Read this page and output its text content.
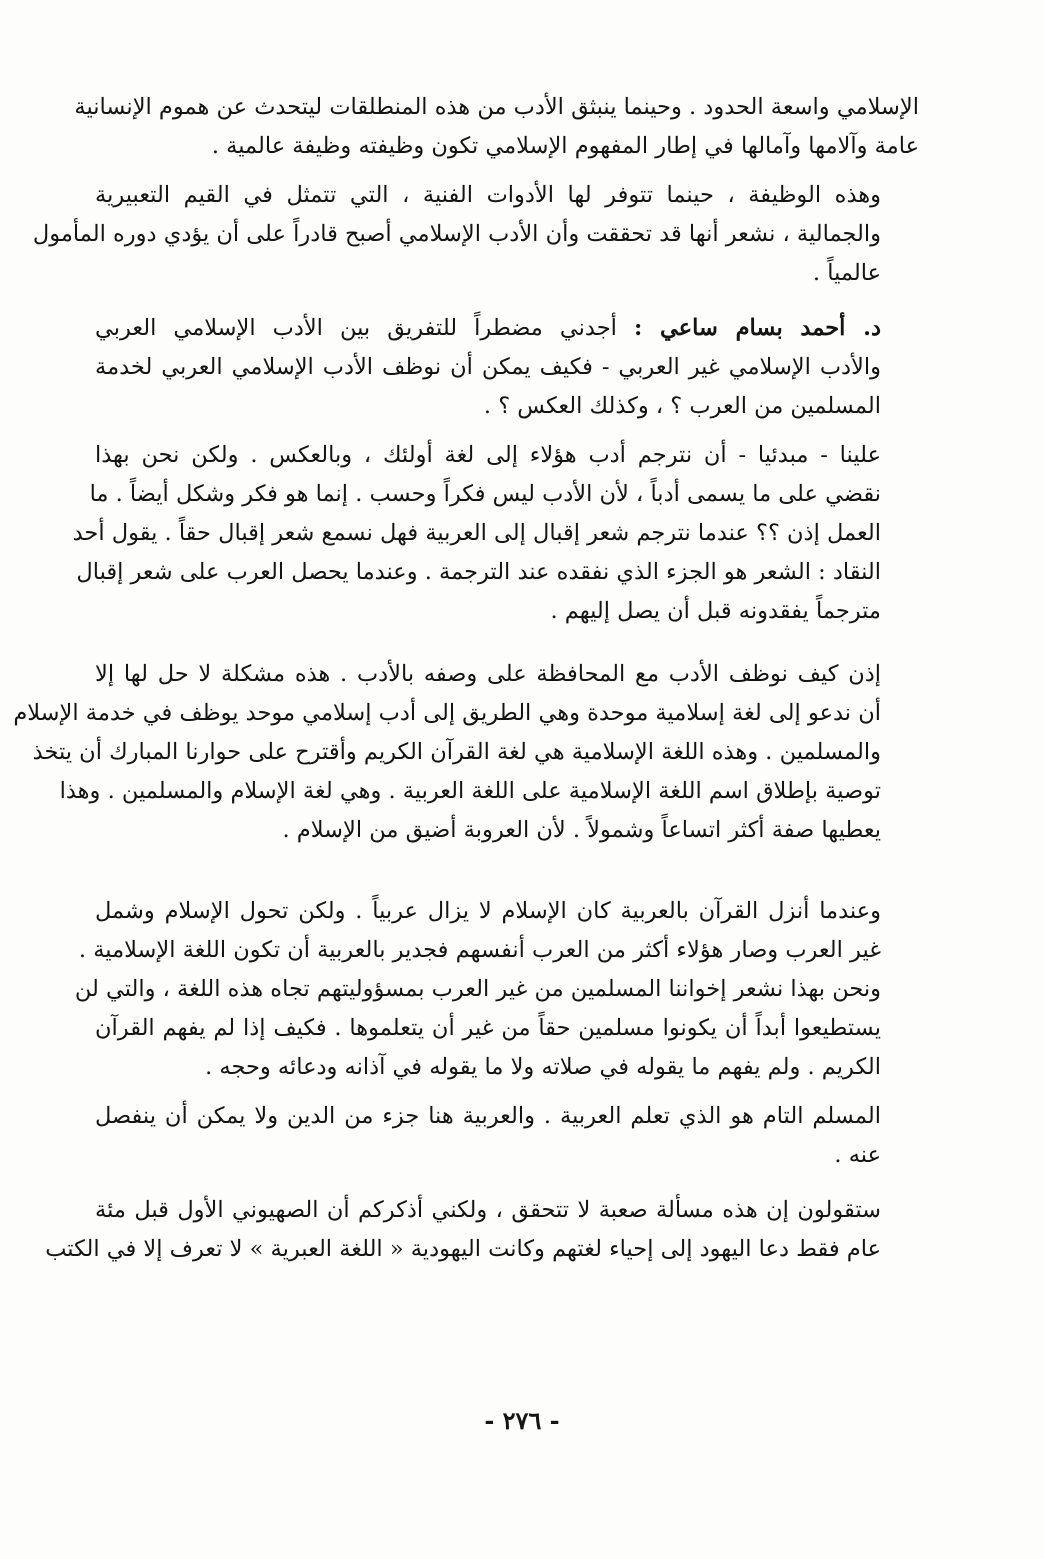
الإسلامي واسعة الحدود . وحينما ينبثق الأدب من هذه المنطلقات ليتحدث عن هموم الإنسانية
عامة وآلامها وآمالها في إطار المفهوم الإسلامي تكون وظيفته وظيفة عالمية .

وهذه الوظيفة ، حينما تتوفر لها الأدوات الفنية ، التي تتمثل في القيم التعبيرية
والجمالية ، نشعر أنها قد تحققت وأن الأدب الإسلامي أصبح قادراً على أن يؤدي دوره المأمول
عالمياً .

د. أحمد بسام ساعي : أجدني مضطراً للتفريق بين الأدب الإسلامي العربي
والأدب الإسلامي غير العربي - فكيف يمكن أن نوظف الأدب الإسلامي العربي لخدمة
المسلمين من العرب ؟ ، وكذلك العكس ؟ .

علينا - مبدئيا - أن نترجم أدب هؤلاء إلى لغة أولئك ، وبالعكس . ولكن نحن بهذا
نقضي على ما يسمى أدباً ، لأن الأدب ليس فكراً وحسب . إنما هو فكر وشكل أيضاً . ما
العمل إذن ؟؟ عندما نترجم شعر إقبال إلى العربية فهل نسمع شعر إقبال حقاً . يقول أحد
النقاد : الشعر هو الجزء الذي نفقده عند الترجمة . وعندما يحصل العرب على شعر إقبال
مترجماً يفقدونه قبل أن يصل إليهم .

إذن كيف نوظف الأدب مع المحافظة على وصفه بالأدب . هذه مشكلة لا حل لها إلا
أن ندعو إلى لغة إسلامية موحدة وهي الطريق إلى أدب إسلامي موحد يوظف في خدمة الإسلام
والمسلمين . وهذه اللغة الإسلامية هي لغة القرآن الكريم وأقترح على حوارنا المبارك أن يتخذ
توصية بإطلاق اسم اللغة الإسلامية على اللغة العربية . وهي لغة الإسلام والمسلمين . وهذا
يعطيها صفة أكثر اتساعاً وشمولاً . لأن العروبة أضيق من الإسلام .

وعندما أنزل القرآن بالعربية كان الإسلام لا يزال عربياً . ولكن تحول الإسلام وشمل
غير العرب وصار هؤلاء أكثر من العرب أنفسهم فجدير بالعربية أن تكون اللغة الإسلامية .
ونحن بهذا نشعر إخواننا المسلمين من غير العرب بمسؤوليتهم تجاه هذه اللغة ، والتي لن
يستطيعوا أبداً أن يكونوا مسلمين حقاً من غير أن يتعلموها . فكيف إذا لم يفهم القرآن
الكريم . ولم يفهم ما يقوله في صلاته ولا ما يقوله في آذانه ودعائه وحجه .

المسلم التام هو الذي تعلم العربية . والعربية هنا جزء من الدين ولا يمكن أن ينفصل
عنه .

ستقولون إن هذه مسألة صعبة لا تتحقق ، ولكني أذكركم أن الصهيوني الأول قبل مئة
عام فقط دعا اليهود إلى إحياء لغتهم وكانت اليهودية « اللغة العبرية » لا تعرف إلا في الكتب

- ٢٧٦ -
